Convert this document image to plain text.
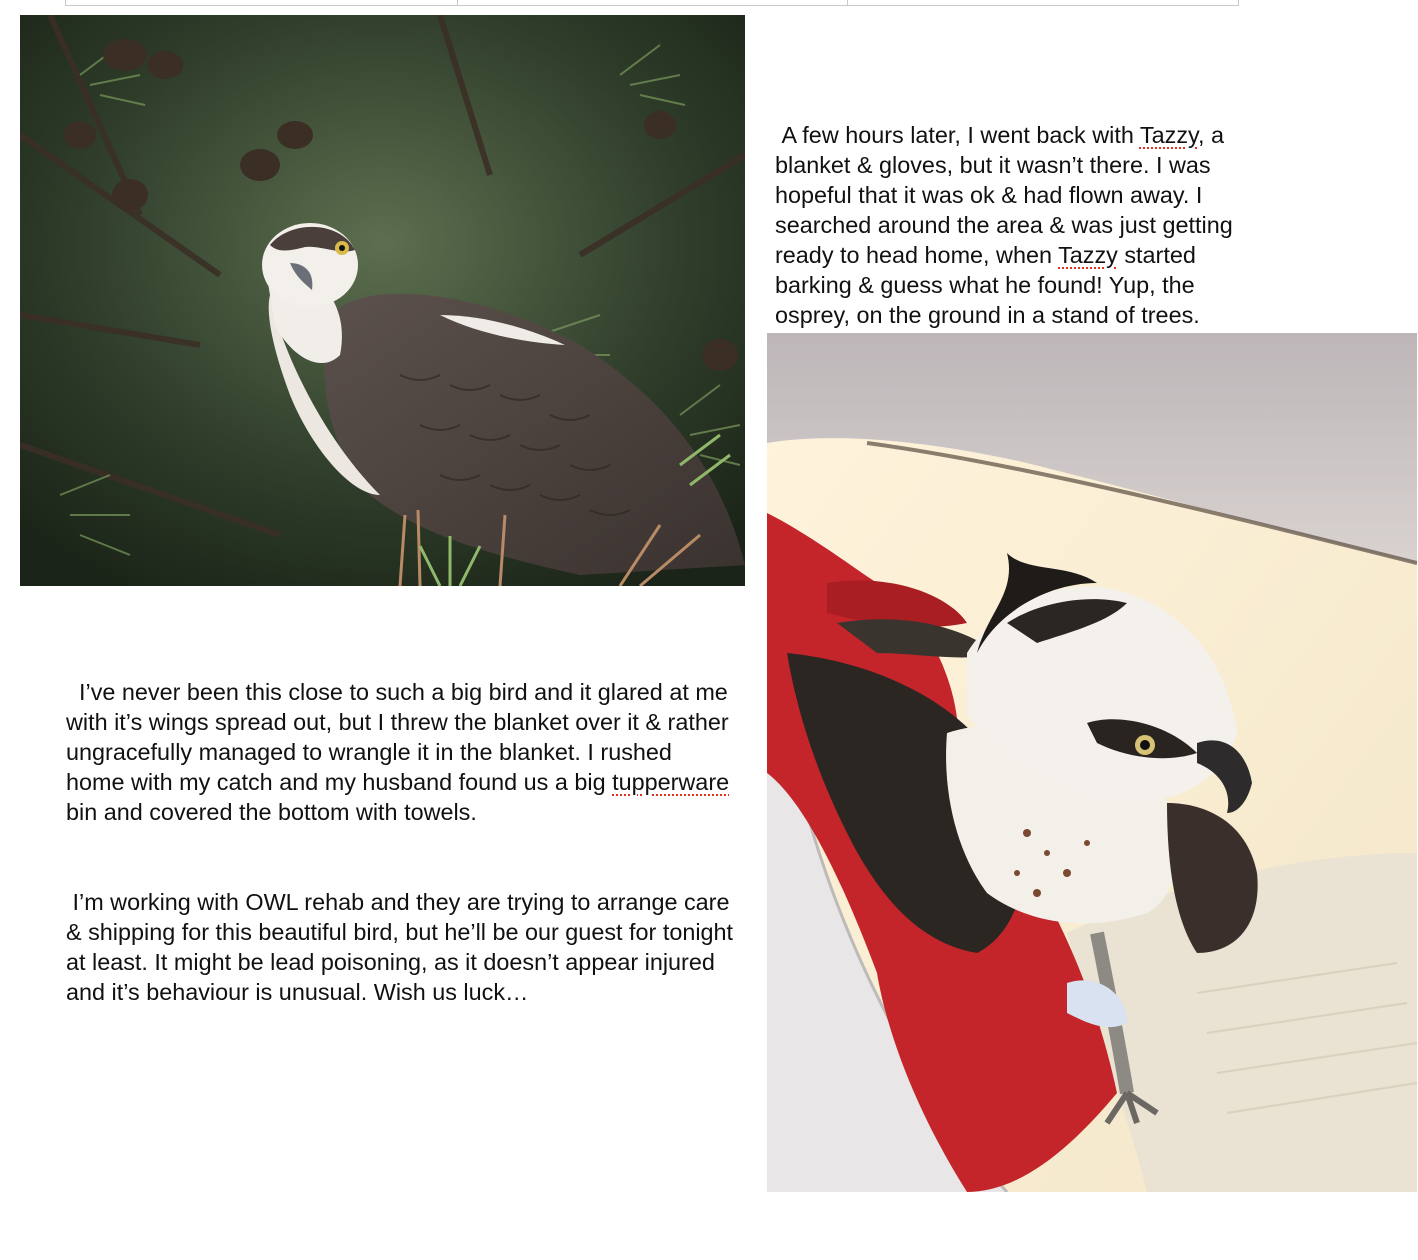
A few hours later, I went back with Tazzy, a blanket & gloves, but it wasn’t there. I was hopeful that it was ok & had flown away. I searched around the area & was just getting ready to head home, when Tazzy started barking & guess what he found! Yup, the osprey, on the ground in a stand of trees.

I’ve never been this close to such a big bird and it glared at me with it’s wings spread out, but I threw the blanket over it & rather ungracefully managed to wrangle it in the blanket. I rushed home with my catch and my husband found us a big tupperware bin and covered the bottom with towels.

I’m working with OWL rehab and they are trying to arrange care & shipping for this beautiful bird, but he’ll be our guest for tonight at least. It might be lead poisoning, as it doesn’t appear injured and it’s behaviour is unusual. Wish us luck…
